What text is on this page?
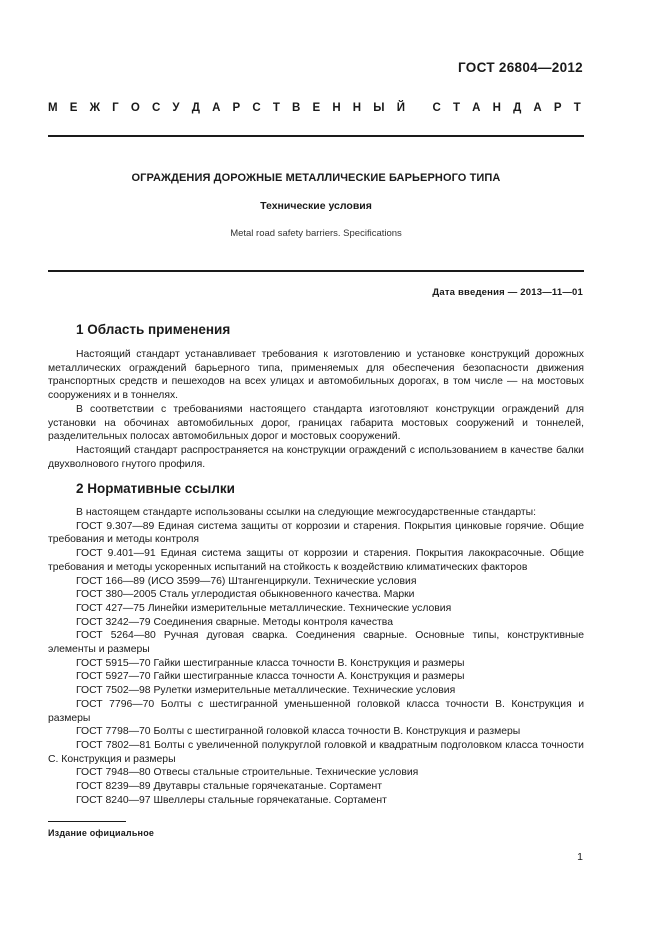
ГОСТ 26804—2012
М Е Ж Г О С У Д А Р С Т В Е Н Н Ы Й
С Т А Н Д А Р Т
ОГРАЖДЕНИЯ ДОРОЖНЫЕ МЕТАЛЛИЧЕСКИЕ БАРЬЕРНОГО ТИПА
Технические условия
Metal road safety barriers. Specifications
Дата введения — 2013—11—01
1 Область применения

Настоящий стандарт устанавливает требования к изготовлению и установке конструкций дорожных металлических ограждений барьерного типа, применяемых для обеспечения безопасности движения транспортных средств и пешеходов на всех улицах и автомобильных дорогах, в том числе — на мостовых сооружениях и в тоннелях.

В соответствии с требованиями настоящего стандарта изготовляют конструкции ограждений для установки на обочинах автомобильных дорог, границах габарита мостовых сооружений и тоннелей, разделительных полосах автомобильных дорог и мостовых сооружений.

Настоящий стандарт распространяется на конструкции ограждений с использованием в качестве балки двухволнового гнутого профиля.

2 Нормативные ссылки

В настоящем стандарте использованы ссылки на следующие межгосударственные стандарты:

ГОСТ 9.307—89 Единая система защиты от коррозии и старения. Покрытия цинковые горячие. Общие требования и методы контроля

ГОСТ 9.401—91 Единая система защиты от коррозии и старения. Покрытия лакокрасочные. Общие требования и методы ускоренных испытаний на стойкость к воздействию климатических факторов

ГОСТ 166—89 (ИСО 3599—76) Штангенциркули. Технические условия

ГОСТ 380—2005 Сталь углеродистая обыкновенного качества. Марки

ГОСТ 427—75 Линейки измерительные металлические. Технические условия

ГОСТ 3242—79 Соединения сварные. Методы контроля качества

ГОСТ 5264—80 Ручная дуговая сварка. Соединения сварные. Основные типы, конструктивные элементы и размеры

ГОСТ 5915—70 Гайки шестигранные класса точности В. Конструкция и размеры

ГОСТ 5927—70 Гайки шестигранные класса точности А. Конструкция и размеры

ГОСТ 7502—98 Рулетки измерительные металлические. Технические условия

ГОСТ 7796—70 Болты с шестигранной уменьшенной головкой класса точности В. Конструкция и размеры

ГОСТ 7798—70 Болты с шестигранной головкой класса точности В. Конструкция и размеры

ГОСТ 7802—81 Болты с увеличенной полукруглой головкой и квадратным подголовком класса точности С. Конструкция и размеры

ГОСТ 7948—80 Отвесы стальные строительные. Технические условия

ГОСТ 8239—89 Двутавры стальные горячекатаные. Сортамент

ГОСТ 8240—97 Швеллеры стальные горячекатаные. Сортамент

Издание официальное
1
